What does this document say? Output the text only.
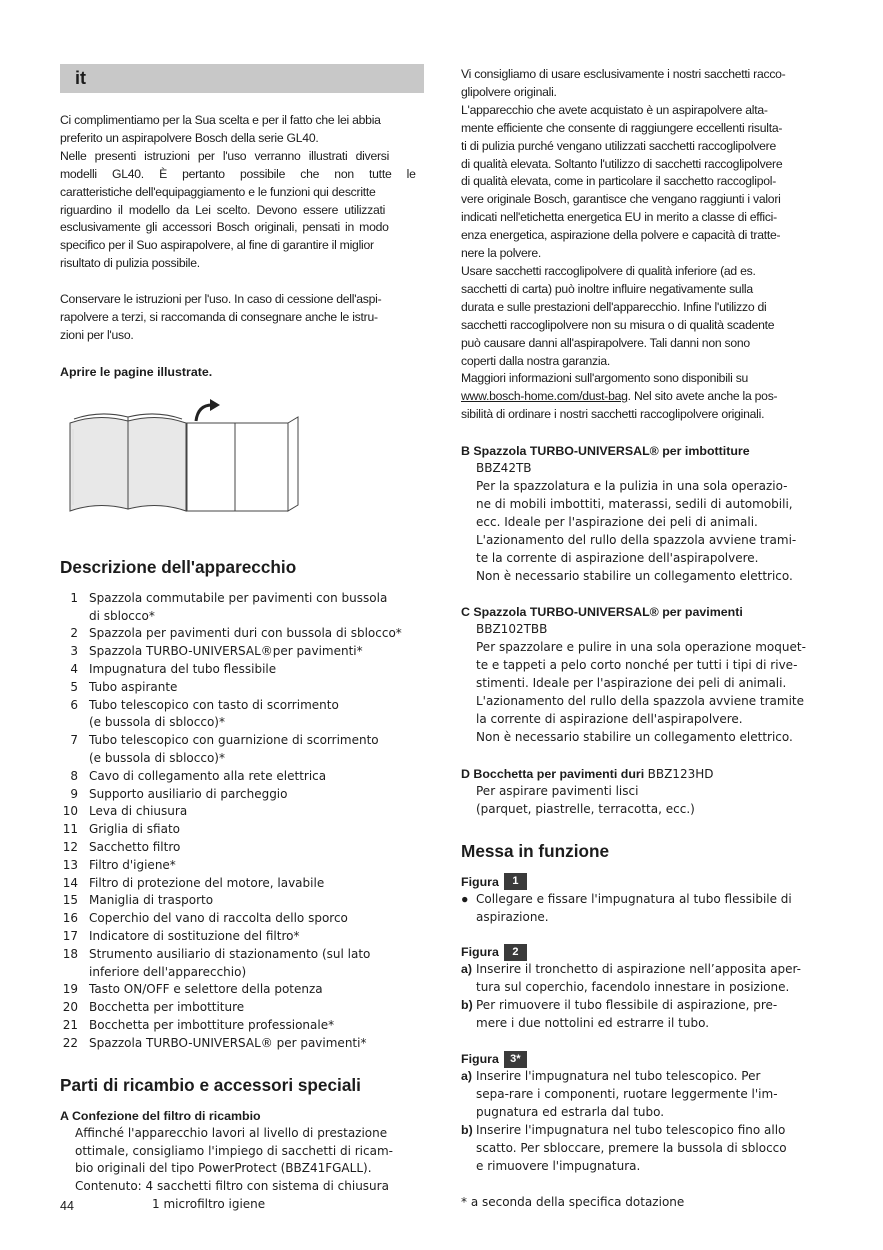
it
Ci complimentiamo per la Sua scelta e per il fatto che lei abbia
preferito un aspirapolvere Bosch della serie GL40.
Nelle presenti istruzioni per l'uso verranno illustrati diversi
modelli GL40. È pertanto possibile che non tutte le
caratteristiche dell'equipaggiamento e le funzioni qui descritte
riguardino il modello da Lei scelto. Devono essere utilizzati
esclusivamente gli accessori Bosch originali, pensati in modo
specifico per il Suo aspirapolvere, al fine di garantire il miglior
risultato di pulizia possibile.
Conservare le istruzioni per l'uso. In caso di cessione dell'aspi-
rapolvere a terzi, si raccomanda di consegnare anche le istru-
zioni per l'uso.
Aprire le pagine illustrate.
Descrizione dell'apparecchio
1 Spazzola commutabile per pavimenti con bussola
di sblocco*
2 Spazzola per pavimenti duri con bussola di sblocco*
3 Spazzola TURBO-UNIVERSAL®per pavimenti*
4 Impugnatura del tubo flessibile
5 Tubo aspirante
6 Tubo telescopico con tasto di scorrimento
(e bussola di sblocco)*
7 Tubo telescopico con guarnizione di scorrimento
(e bussola di sblocco)*
8 Cavo di collegamento alla rete elettrica
9 Supporto ausiliario di parcheggio
10 Leva di chiusura
11 Griglia di sfiato
12 Sacchetto filtro
13 Filtro d'igiene*
14 Filtro di protezione del motore, lavabile
15 Maniglia di trasporto
16 Coperchio del vano di raccolta dello sporco
17 Indicatore di sostituzione del filtro*
18 Strumento ausiliario di stazionamento (sul lato
inferiore dell'apparecchio)
19 Tasto ON/OFF e selettore della potenza
20 Bocchetta per imbottiture
21 Bocchetta per imbottiture professionale*
22 Spazzola TURBO-UNIVERSAL® per pavimenti*
Parti di ricambio e accessori speciali
A Confezione del filtro di ricambio
Affinché l'apparecchio lavori al livello di prestazione
ottimale, consigliamo l'impiego di sacchetti di ricam-
bio originali del tipo PowerProtect (BBZ41FGALL).
Contenuto: 4 sacchetti filtro con sistema di chiusura
1 microfiltro igiene
Vi consigliamo di usare esclusivamente i nostri sacchetti racco-
glipolvere originali.
L'apparecchio che avete acquistato è un aspirapolvere alta-
mente efficiente che consente di raggiungere eccellenti risulta-
ti di pulizia purché vengano utilizzati sacchetti raccoglipolvere
di qualità elevata. Soltanto l'utilizzo di sacchetti raccoglipolvere
di qualità elevata, come in particolare il sacchetto raccoglipol-
vere originale Bosch, garantisce che vengano raggiunti i valori
indicati nell'etichetta energetica EU in merito a classe di effici-
enza energetica, aspirazione della polvere e capacità di tratte-
nere la polvere.
Usare sacchetti raccoglipolvere di qualità inferiore (ad es.
sacchetti di carta) può inoltre influire negativamente sulla
durata e sulle prestazioni dell'apparecchio. Infine l'utilizzo di
sacchetti raccoglipolvere non su misura o di qualità scadente
può causare danni all'aspirapolvere. Tali danni non sono
coperti dalla nostra garanzia.
Maggiori informazioni sull'argomento sono disponibili su
www.bosch-home.com/dust-bag. Nel sito avete anche la pos-
sibilità di ordinare i nostri sacchetti raccoglipolvere originali.
B Spazzola TURBO-UNIVERSAL® per imbottiture
BBZ42TB
Per la spazzolatura e la pulizia in una sola operazio-
ne di mobili imbottiti, materassi, sedili di automobili,
ecc. Ideale per l'aspirazione dei peli di animali.
L'azionamento del rullo della spazzola avviene trami-
te la corrente di aspirazione dell'aspirapolvere.
Non è necessario stabilire un collegamento elettrico.
C Spazzola TURBO-UNIVERSAL® per pavimenti
BBZ102TBB
Per spazzolare e pulire in una sola operazione moquet-
te e tappeti a pelo corto nonché per tutti i tipi di rive-
stimenti. Ideale per l'aspirazione dei peli di animali.
L'azionamento del rullo della spazzola avviene tramite
la corrente di aspirazione dell'aspirapolvere.
Non è necessario stabilire un collegamento elettrico.
D Bocchetta per pavimenti duri BBZ123HD
Per aspirare pavimenti lisci
(parquet, piastrelle, terracotta, ecc.)
Messa in funzione
Figura	1
● Collegare e fissare l'impugnatura al tubo flessibile di
aspirazione.
Figura	2
a) Inserire il tronchetto di aspirazione nell’apposita aper-
tura sul coperchio, facendolo innestare in posizione.
b) Per rimuovere il tubo flessibile di aspirazione, pre-
mere i due nottolini ed estrarre il tubo.
Figura	3*
a) Inserire l'impugnatura nel tubo telescopico. Per
sepa-rare i componenti, ruotare leggermente l'im-
pugnatura ed estrarla dal tubo.
b) Inserire l'impugnatura nel tubo telescopico fino allo
scatto. Per sbloccare, premere la bussola di sblocco
e rimuovere l'impugnatura.
* a seconda della specifica dotazione
44
